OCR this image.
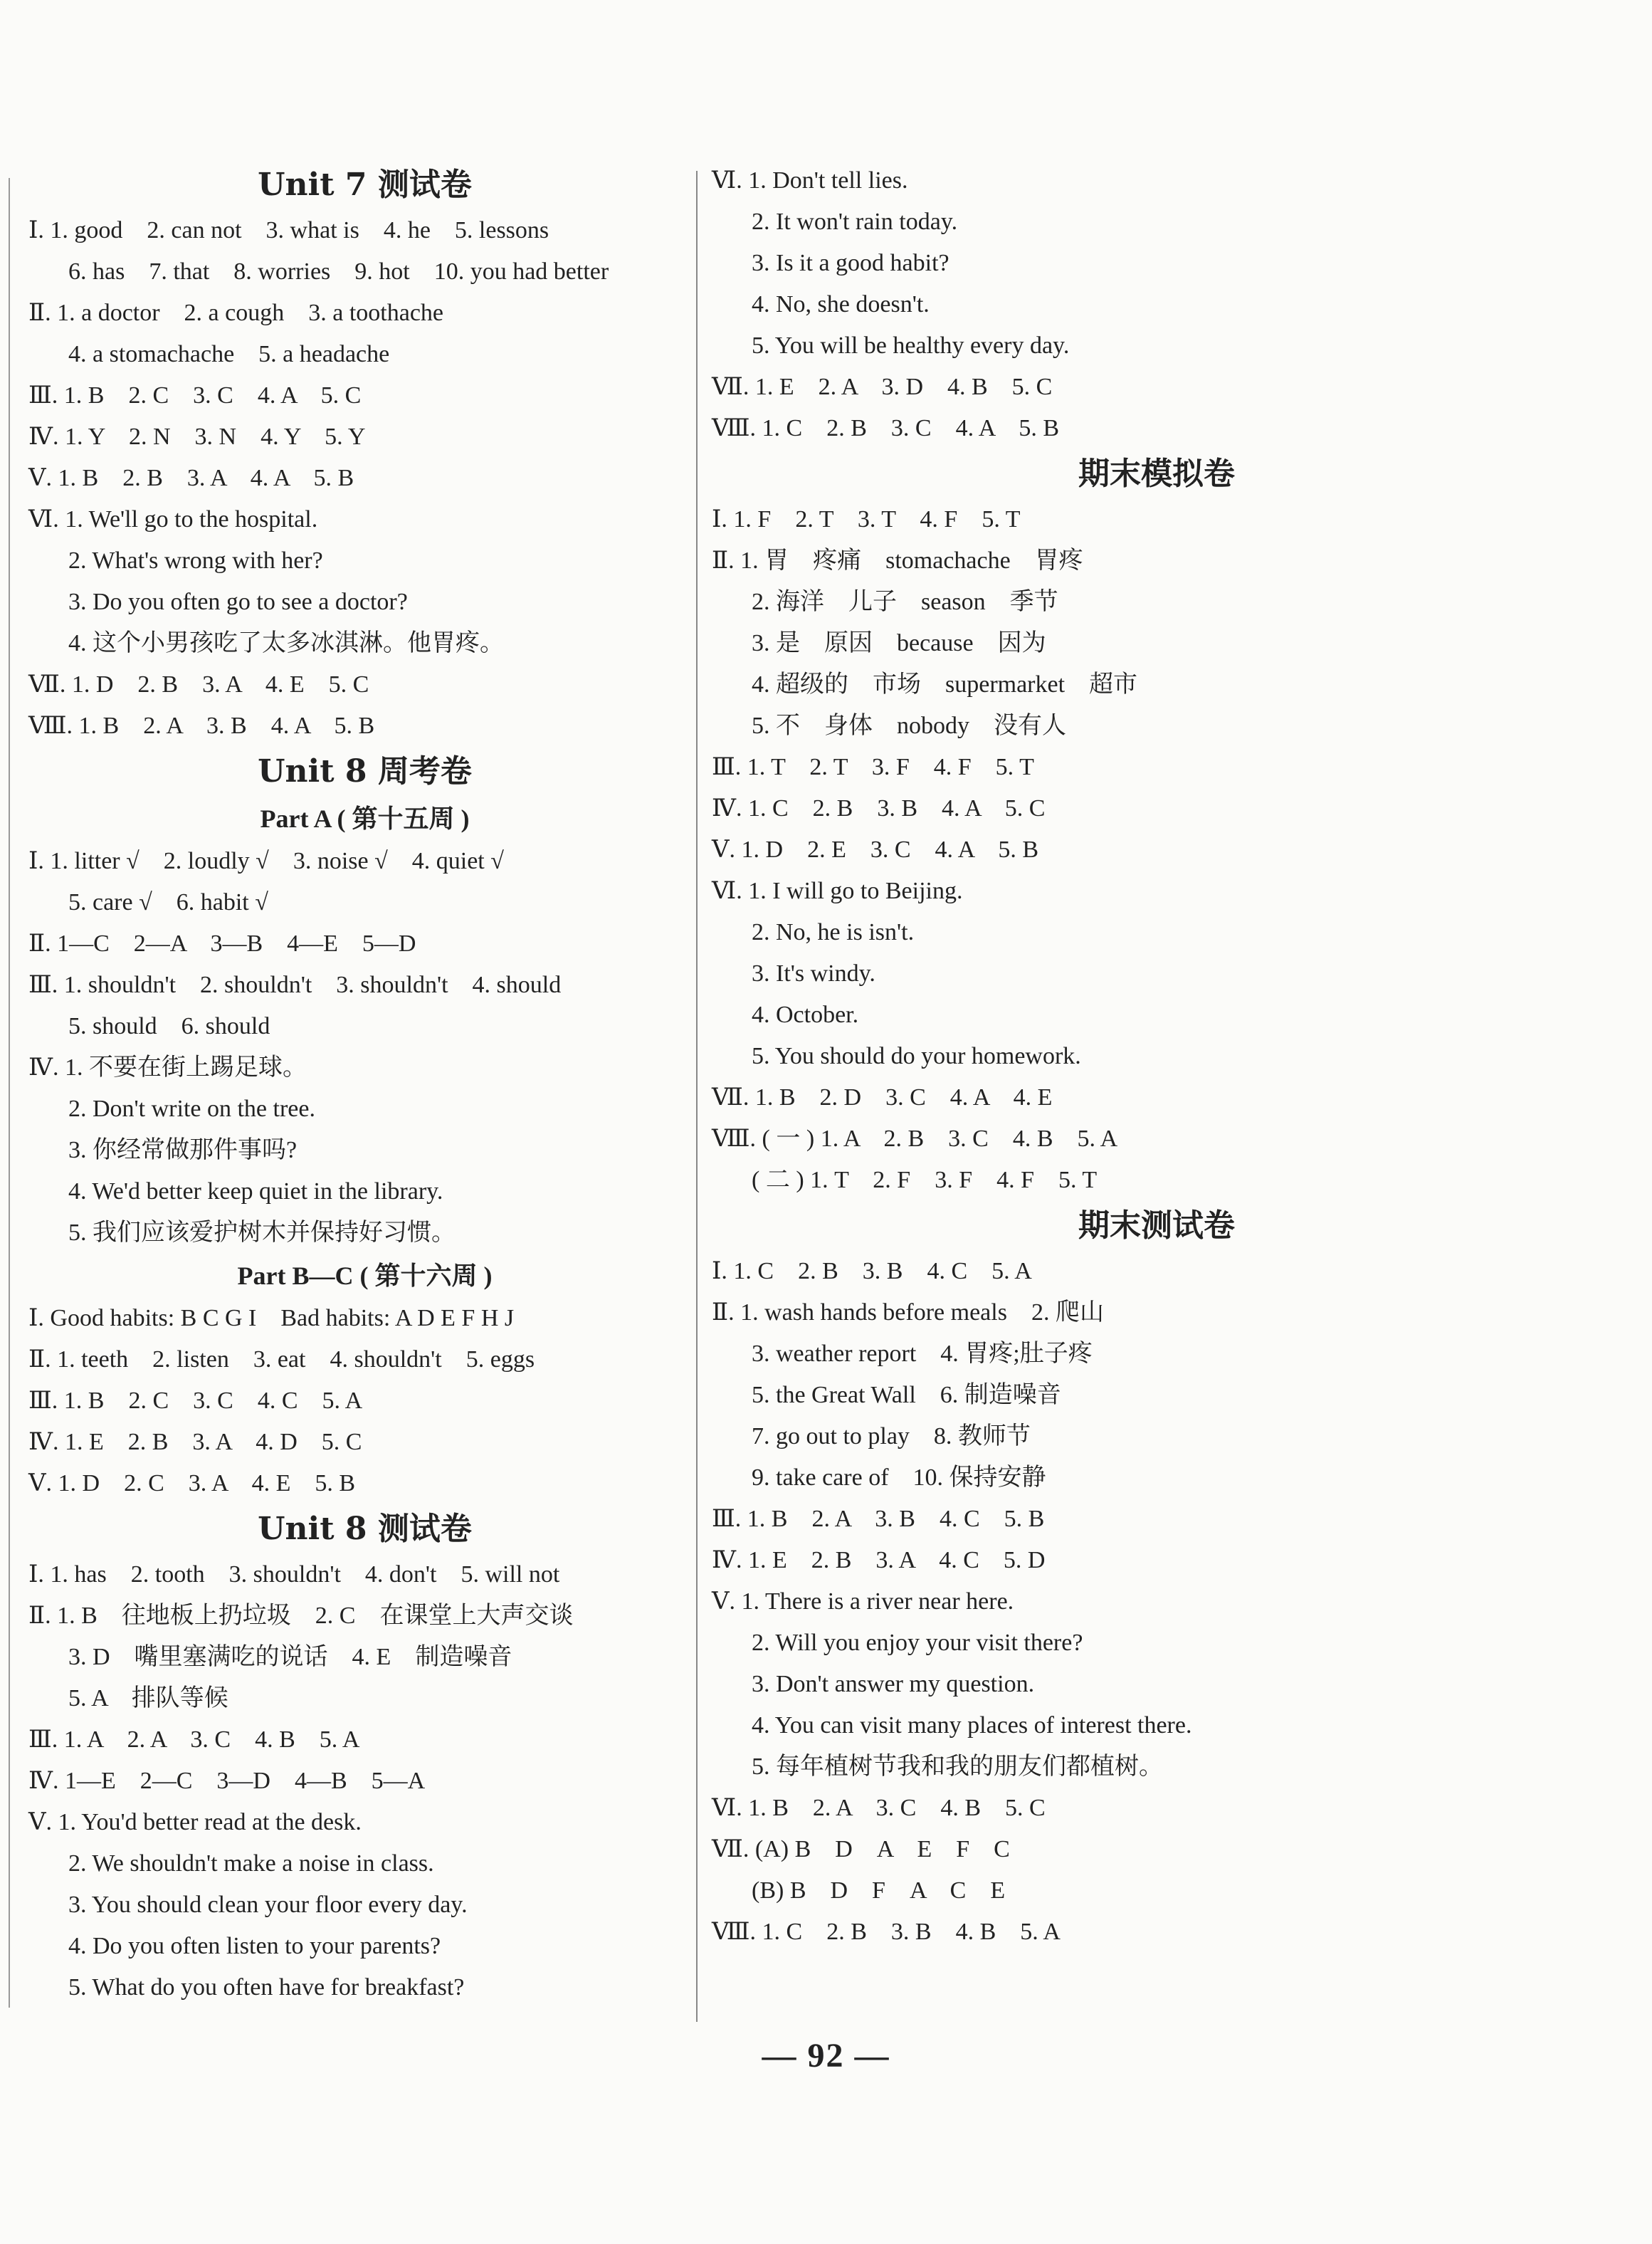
Unit 7 测试卷
Ⅰ. 1. good　2. can not　3. what is　4. he　5. lessons
6. has　7. that　8. worries　9. hot　10. you had better
Ⅱ. 1. a doctor　2. a cough　3. a toothache
4. a stomachache　5. a headache
Ⅲ. 1. B　2. C　3. C　4. A　5. C
Ⅳ. 1. Y　2. N　3. N　4. Y　5. Y
Ⅴ. 1. B　2. B　3. A　4. A　5. B
Ⅵ. 1. We'll go to the hospital.
2. What's wrong with her?
3. Do you often go to see a doctor?
4. 这个小男孩吃了太多冰淇淋。他胃疼。
Ⅶ. 1. D　2. B　3. A　4. E　5. C
Ⅷ. 1. B　2. A　3. B　4. A　5. B
Unit 8 周考卷
Part A ( 第十五周 )
Ⅰ. 1. litter √　2. loudly √　3. noise √　4. quiet √
5. care √　6. habit √
Ⅱ. 1—C　2—A　3—B　4—E　5—D
Ⅲ. 1. shouldn't　2. shouldn't　3. shouldn't　4. should
5. should　6. should
Ⅳ. 1. 不要在街上踢足球。
2. Don't write on the tree.
3. 你经常做那件事吗?
4. We'd better keep quiet in the library.
5. 我们应该爱护树木并保持好习惯。
Part B—C ( 第十六周 )
Ⅰ. Good habits: B C G I　Bad habits: A D E F H J
Ⅱ. 1. teeth　2. listen　3. eat　4. shouldn't　5. eggs
Ⅲ. 1. B　2. C　3. C　4. C　5. A
Ⅳ. 1. E　2. B　3. A　4. D　5. C
Ⅴ. 1. D　2. C　3. A　4. E　5. B
Unit 8 测试卷
Ⅰ. 1. has　2. tooth　3. shouldn't　4. don't　5. will not
Ⅱ. 1. B　往地板上扔垃圾　2. C　在课堂上大声交谈
3. D　嘴里塞满吃的说话　4. E　制造噪音
5. A　排队等候
Ⅲ. 1. A　2. A　3. C　4. B　5. A
Ⅳ. 1—E　2—C　3—D　4—B　5—A
Ⅴ. 1. You'd better read at the desk.
2. We shouldn't make a noise in class.
3. You should clean your floor every day.
4. Do you often listen to your parents?
5. What do you often have for breakfast?
Ⅵ. 1. Don't tell lies.
2. It won't rain today.
3. Is it a good habit?
4. No, she doesn't.
5. You will be healthy every day.
Ⅶ. 1. E　2. A　3. D　4. B　5. C
Ⅷ. 1. C　2. B　3. C　4. A　5. B
期末模拟卷
Ⅰ. 1. F　2. T　3. T　4. F　5. T
Ⅱ. 1. 胃　疼痛　stomachache　胃疼
2. 海洋　儿子　season　季节
3. 是　原因　because　因为
4. 超级的　市场　supermarket　超市
5. 不　身体　nobody　没有人
Ⅲ. 1. T　2. T　3. F　4. F　5. T
Ⅳ. 1. C　2. B　3. B　4. A　5. C
Ⅴ. 1. D　2. E　3. C　4. A　5. B
Ⅵ. 1. I will go to Beijing.
2. No, he is isn't.
3. It's windy.
4. October.
5. You should do your homework.
Ⅶ. 1. B　2. D　3. C　4. A　4. E
Ⅷ. ( 一 ) 1. A　2. B　3. C　4. B　5. A
( 二 ) 1. T　2. F　3. F　4. F　5. T
期末测试卷
Ⅰ. 1. C　2. B　3. B　4. C　5. A
Ⅱ. 1. wash hands before meals　2. 爬山
3. weather report　4. 胃疼;肚子疼
5. the Great Wall　6. 制造噪音
7. go out to play　8. 教师节
9. take care of　10. 保持安静
Ⅲ. 1. B　2. A　3. B　4. C　5. B
Ⅳ. 1. E　2. B　3. A　4. C　5. D
Ⅴ. 1. There is a river near here.
2. Will you enjoy your visit there?
3. Don't answer my question.
4. You can visit many places of interest there.
5. 每年植树节我和我的朋友们都植树。
Ⅵ. 1. B　2. A　3. C　4. B　5. C
Ⅶ. (A) B　D　A　E　F　C
(B) B　D　F　A　C　E
Ⅷ. 1. C　2. B　3. B　4. B　5. A
— 92 —
